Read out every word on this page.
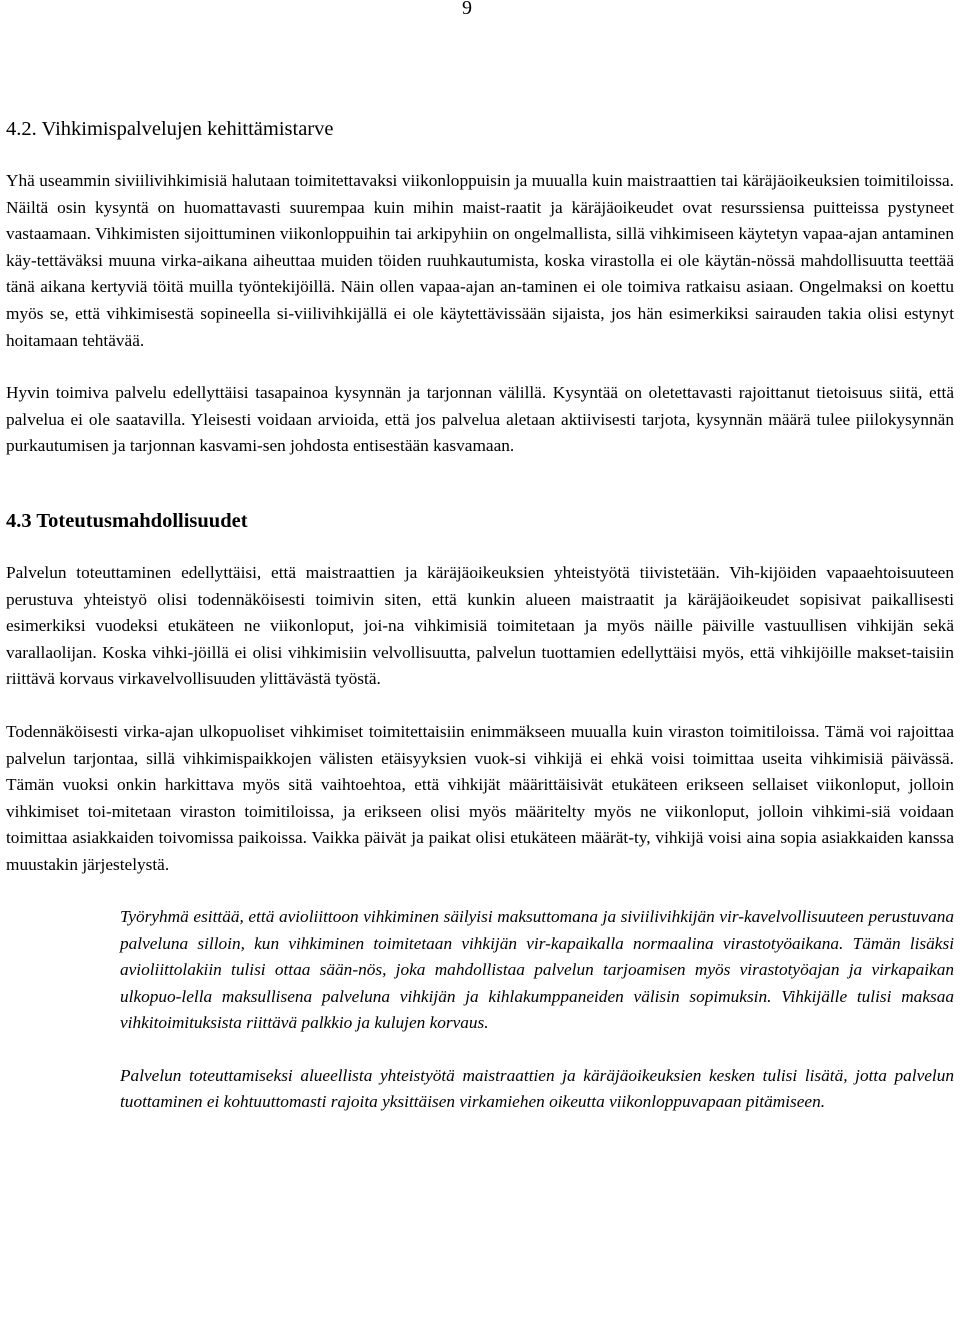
9
4.2. Vihkimispalvelujen kehittämistarve

Yhä useammin siviilivihkimisiä halutaan toimitettavaksi viikonloppuisin ja muualla kuin maistraattien tai käräjäoikeuksien toimitiloissa. Näiltä osin kysyntä on huomattavasti suurempaa kuin mihin maist-raatit ja käräjäoikeudet ovat resurssiensa puitteissa pystyneet vastaamaan. Vihkimisten sijoittuminen viikonloppuihin tai arkipyhiin on ongelmallista, sillä vihkimiseen käytetyn vapaa-ajan antaminen käy-tettäväksi muuna virka-aikana aiheuttaa muiden töiden ruuhkautumista, koska virastolla ei ole käytän-nössä mahdollisuutta teettää tänä aikana kertyviä töitä muilla työntekijöillä. Näin ollen vapaa-ajan an-taminen ei ole toimiva ratkaisu asiaan. Ongelmaksi on koettu myös se, että vihkimisestä sopineella si-viilivihkijällä ei ole käytettävissään sijaista, jos hän esimerkiksi sairauden takia olisi estynyt hoitamaan tehtävää.

Hyvin toimiva palvelu edellyttäisi tasapainoa kysynnän ja tarjonnan välillä. Kysyntää on oletettavasti rajoittanut tietoisuus siitä, että palvelua ei ole saatavilla. Yleisesti voidaan arvioida, että jos palvelua aletaan aktiivisesti tarjota, kysynnän määrä tulee piilokysynnän purkautumisen ja tarjonnan kasvami-sen johdosta entisestään kasvamaan.

4.3 Toteutusmahdollisuudet

Palvelun toteuttaminen edellyttäisi, että maistraattien ja käräjäoikeuksien yhteistyötä tiivistetään. Vih-kijöiden vapaaehtoisuuteen perustuva yhteistyö olisi todennäköisesti toimivin siten, että kunkin alueen maistraatit ja käräjäoikeudet sopisivat paikallisesti esimerkiksi vuodeksi etukäteen ne viikonloput, joi-na vihkimisiä toimitetaan ja myös näille päiville vastuullisen vihkijän sekä varallaolijan. Koska vihki-jöillä ei olisi vihkimisiin velvollisuutta, palvelun tuottamien edellyttäisi myös, että vihkijöille makset-taisiin riittävä korvaus virkavelvollisuuden ylittävästä työstä.

Todennäköisesti virka-ajan ulkopuoliset vihkimiset toimitettaisiin enimmäkseen muualla kuin viraston toimitiloissa. Tämä voi rajoittaa palvelun tarjontaa, sillä vihkimispaikkojen välisten etäisyyksien vuok-si vihkijä ei ehkä voisi toimittaa useita vihkimisiä päivässä. Tämän vuoksi onkin harkittava myös sitä vaihtoehtoa, että vihkijät määrittäisivät etukäteen erikseen sellaiset viikonloput, jolloin vihkimiset toi-mitetaan viraston toimitiloissa, ja erikseen olisi myös määritelty myös ne viikonloput, jolloin vihkimi-siä voidaan toimittaa asiakkaiden toivomissa paikoissa. Vaikka päivät ja paikat olisi etukäteen määrät-ty, vihkijä voisi aina sopia asiakkaiden kanssa muustakin järjestelystä.

Työryhmä esittää, että avioliittoon vihkiminen säilyisi maksuttomana ja siviilivihkijän vir-kavelvollisuuteen perustuvana palveluna silloin, kun vihkiminen toimitetaan vihkijän vir-kapaikalla normaalina virastotyöaikana. Tämän lisäksi avioliittolakiin tulisi ottaa sään-nös, joka mahdollistaa palvelun tarjoamisen myös virastotyöajan ja virkapaikan ulkopuo-lella maksullisena palveluna vihkijän ja kihlakumppaneiden välisin sopimuksin. Vihkijälle tulisi maksaa vihkitoimituksista riittävä palkkio ja kulujen korvaus.

Palvelun toteuttamiseksi alueellista yhteistyötä maistraattien ja käräjäoikeuksien kesken tulisi lisätä, jotta palvelun tuottaminen ei kohtuuttomasti rajoita yksittäisen virkamiehen oikeutta viikonloppuvapaan pitämiseen.
